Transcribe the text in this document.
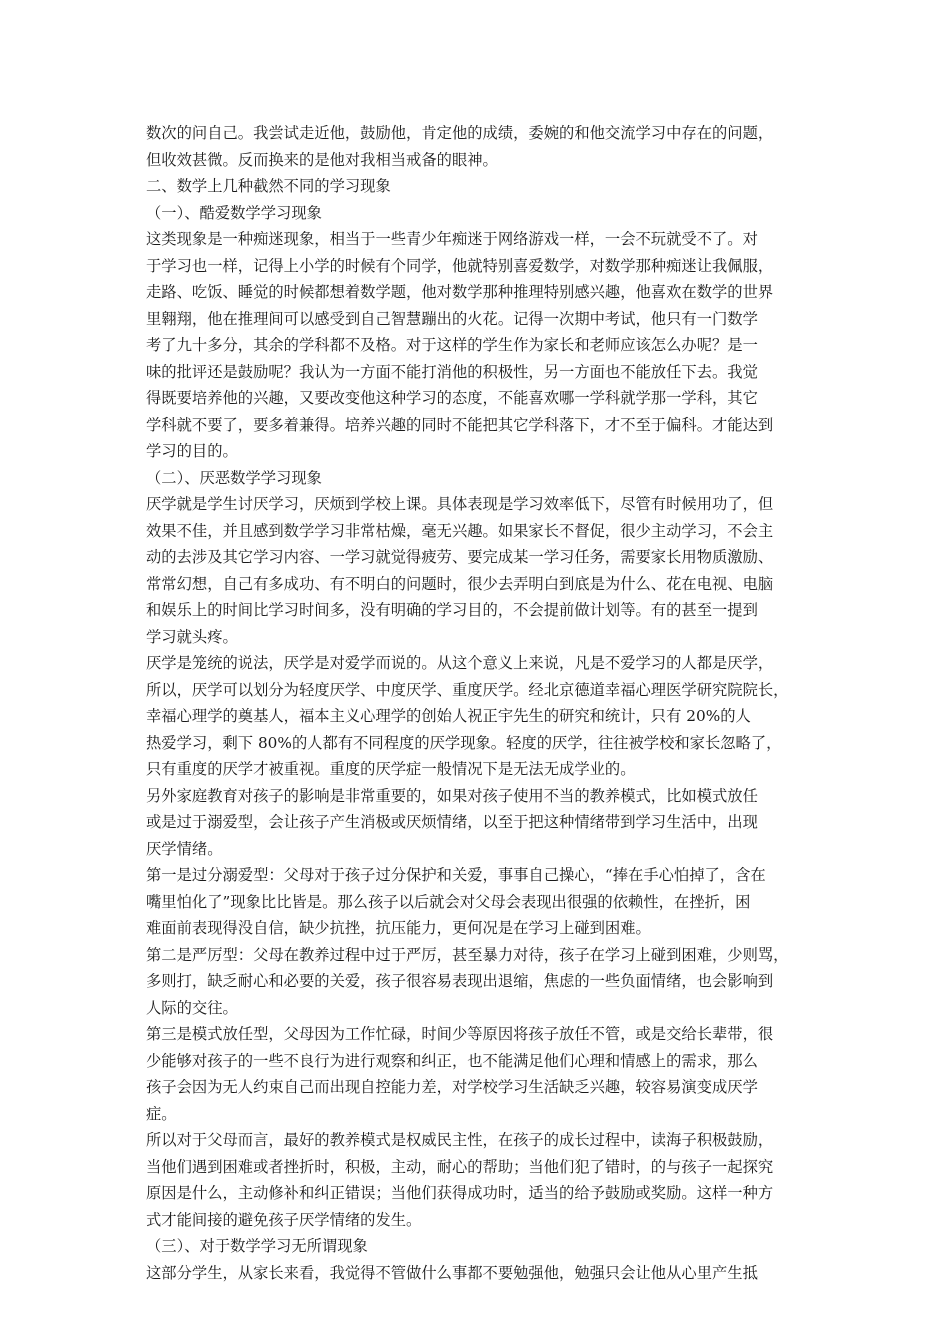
数次的问自己。我尝试走近他，鼓励他，肯定他的成绩，委婉的和他交流学习中存在的问题，
但收效甚微。反而换来的是他对我相当戒备的眼神。
二、数学上几种截然不同的学习现象
（一）、酷爱数学学习现象
这类现象是一种痴迷现象，相当于一些青少年痴迷于网络游戏一样，一会不玩就受不了。对
于学习也一样，记得上小学的时候有个同学，他就特别喜爱数学，对数学那种痴迷让我佩服，
走路、吃饭、睡觉的时候都想着数学题，他对数学那种推理特别感兴趣，他喜欢在数学的世界
里翱翔，他在推理间可以感受到自己智慧蹦出的火花。记得一次期中考试，他只有一门数学
考了九十多分，其余的学科都不及格。对于这样的学生作为家长和老师应该怎么办呢？是一
味的批评还是鼓励呢？我认为一方面不能打消他的积极性，另一方面也不能放任下去。我觉
得既要培养他的兴趣，又要改变他这种学习的态度，不能喜欢哪一学科就学那一学科，其它
学科就不要了，要多着兼得。培养兴趣的同时不能把其它学科落下，才不至于偏科。才能达到
学习的目的。
（二）、厌恶数学学习现象
厌学就是学生讨厌学习，厌烦到学校上课。具体表现是学习效率低下，尽管有时候用功了，但
效果不佳，并且感到数学学习非常枯燥，毫无兴趣。如果家长不督促，很少主动学习，不会主
动的去涉及其它学习内容、一学习就觉得疲劳、要完成某一学习任务，需要家长用物质激励、
常常幻想，自己有多成功、有不明白的问题时，很少去弄明白到底是为什么、花在电视、电脑
和娱乐上的时间比学习时间多，没有明确的学习目的，不会提前做计划等。有的甚至一提到
学习就头疼。
厌学是笼统的说法，厌学是对爱学而说的。从这个意义上来说，凡是不爱学习的人都是厌学，
所以，厌学可以划分为轻度厌学、中度厌学、重度厌学。经北京德道幸福心理医学研究院院长，
幸福心理学的奠基人，福本主义心理学的创始人祝正宇先生的研究和统计，只有 20%的人
热爱学习，剩下 80%的人都有不同程度的厌学现象。轻度的厌学，往往被学校和家长忽略了，
只有重度的厌学才被重视。重度的厌学症一般情况下是无法无成学业的。
另外家庭教育对孩子的影响是非常重要的，如果对孩子使用不当的教养模式，比如模式放任
或是过于溺爱型，会让孩子产生消极或厌烦情绪，以至于把这种情绪带到学习生活中，出现
厌学情绪。
第一是过分溺爱型：父母对于孩子过分保护和关爱，事事自己操心，“捧在手心怕掉了，含在
嘴里怕化了”现象比比皆是。那么孩子以后就会对父母会表现出很强的依赖性，在挫折，困
难面前表现得没自信，缺少抗挫，抗压能力，更何况是在学习上碰到困难。
第二是严厉型：父母在教养过程中过于严厉，甚至暴力对待，孩子在学习上碰到困难，少则骂，
多则打，缺乏耐心和必要的关爱，孩子很容易表现出退缩，焦虑的一些负面情绪，也会影响到
人际的交往。
第三是模式放任型，父母因为工作忙碌，时间少等原因将孩子放任不管，或是交给长辈带，很
少能够对孩子的一些不良行为进行观察和纠正，也不能满足他们心理和情感上的需求，那么
孩子会因为无人约束自己而出现自控能力差，对学校学习生活缺乏兴趣，较容易演变成厌学
症。
所以对于父母而言，最好的教养模式是权威民主性，在孩子的成长过程中，读海子积极鼓励，
当他们遇到困难或者挫折时，积极，主动，耐心的帮助；当他们犯了错时，的与孩子一起探究
原因是什么，主动修补和纠正错误；当他们获得成功时，适当的给予鼓励或奖励。这样一种方
式才能间接的避免孩子厌学情绪的发生。
（三）、对于数学学习无所谓现象
这部分学生，从家长来看，我觉得不管做什么事都不要勉强他，勉强只会让他从心里产生抵
